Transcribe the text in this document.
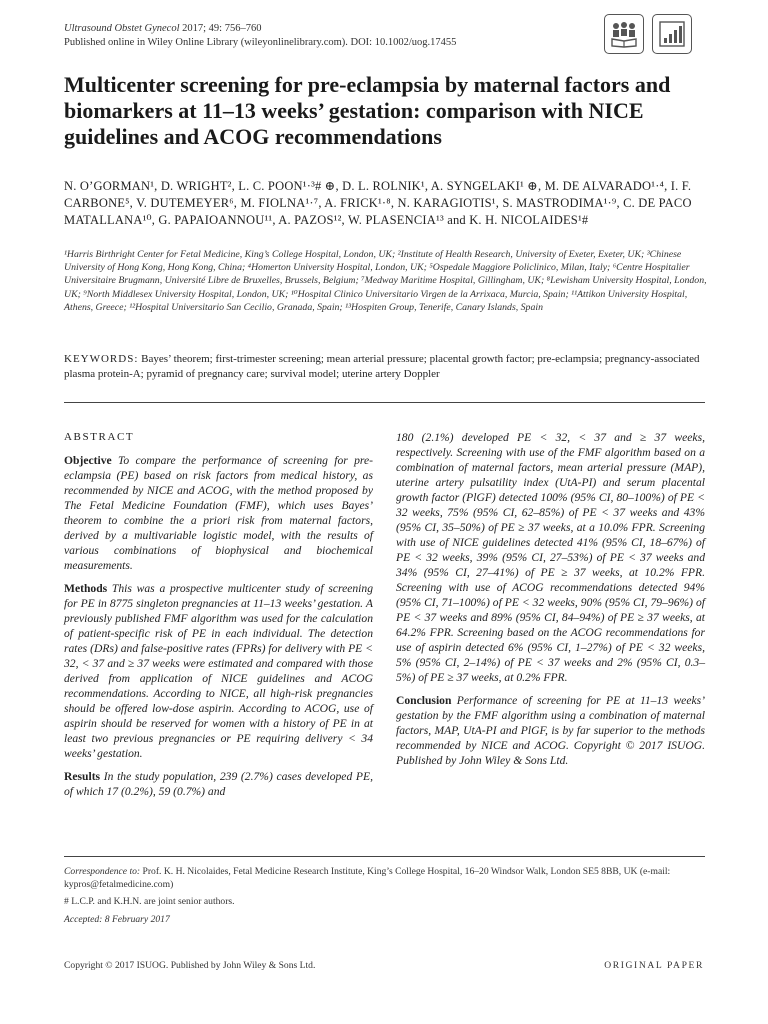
Ultrasound Obstet Gynecol 2017; 49: 756–760
Published online in Wiley Online Library (wileyonlinelibrary.com). DOI: 10.1002/uog.17455
Multicenter screening for pre-eclampsia by maternal factors and biomarkers at 11–13 weeks’ gestation: comparison with NICE guidelines and ACOG recommendations
N. O’GORMAN¹, D. WRIGHT², L. C. POON¹·³# ⊕, D. L. ROLNIK¹, A. SYNGELAKI¹ ⊕, M. DE ALVARADO¹·⁴, I. F. CARBONE⁵, V. DUTEMEYER⁶, M. FIOLNA¹·⁷, A. FRICK¹·⁸, N. KARAGIOTIS¹, S. MASTRODIMA¹·⁹, C. DE PACO MATALLANA¹⁰, G. PAPAIOANNOU¹¹, A. PAZOS¹², W. PLASENCIA¹³ and K. H. NICOLAIDES¹#
¹Harris Birthright Center for Fetal Medicine, King’s College Hospital, London, UK; ²Institute of Health Research, University of Exeter, Exeter, UK; ³Chinese University of Hong Kong, Hong Kong, China; ⁴Homerton University Hospital, London, UK; ⁵Ospedale Maggiore Policlinico, Milan, Italy; ⁶Centre Hospitalier Universitaire Brugmann, Université Libre de Bruxelles, Brussels, Belgium; ⁷Medway Maritime Hospital, Gillingham, UK; ⁸Lewisham University Hospital, London, UK; ⁹North Middlesex University Hospital, London, UK; ¹⁰Hospital Clinico Universitario Virgen de la Arrixaca, Murcia, Spain; ¹¹Attikon University Hospital, Athens, Greece; ¹²Hospital Universitario San Cecilio, Granada, Spain; ¹³Hospiten Group, Tenerife, Canary Islands, Spain
KEYWORDS: Bayes’ theorem; first-trimester screening; mean arterial pressure; placental growth factor; pre-eclampsia; pregnancy-associated plasma protein-A; pyramid of pregnancy care; survival model; uterine artery Doppler
ABSTRACT

Objective To compare the performance of screening for pre-eclampsia (PE) based on risk factors from medical history, as recommended by NICE and ACOG, with the method proposed by The Fetal Medicine Foundation (FMF), which uses Bayes’ theorem to combine the a priori risk from maternal factors, derived by a multivariable logistic model, with the results of various combinations of biophysical and biochemical measurements.

Methods This was a prospective multicenter study of screening for PE in 8775 singleton pregnancies at 11–13 weeks’ gestation. A previously published FMF algorithm was used for the calculation of patient-specific risk of PE in each individual. The detection rates (DRs) and false-positive rates (FPRs) for delivery with PE < 32, < 37 and ≥ 37 weeks were estimated and compared with those derived from application of NICE guidelines and ACOG recommendations. According to NICE, all high-risk pregnancies should be offered low-dose aspirin. According to ACOG, use of aspirin should be reserved for women with a history of PE in at least two previous pregnancies or PE requiring delivery < 34 weeks’ gestation.

Results In the study population, 239 (2.7%) cases developed PE, of which 17 (0.2%), 59 (0.7%) and

180 (2.1%) developed PE < 32, < 37 and ≥ 37 weeks, respectively. Screening with use of the FMF algorithm based on a combination of maternal factors, mean arterial pressure (MAP), uterine artery pulsatility index (UtA-PI) and serum placental growth factor (PlGF) detected 100% (95% CI, 80–100%) of PE < 32 weeks, 75% (95% CI, 62–85%) of PE < 37 weeks and 43% (95% CI, 35–50%) of PE ≥ 37 weeks, at a 10.0% FPR. Screening with use of NICE guidelines detected 41% (95% CI, 18–67%) of PE < 32 weeks, 39% (95% CI, 27–53%) of PE < 37 weeks and 34% (95% CI, 27–41%) of PE ≥ 37 weeks, at 10.2% FPR. Screening with use of ACOG recommendations detected 94% (95% CI, 71–100%) of PE < 32 weeks, 90% (95% CI, 79–96%) of PE < 37 weeks and 89% (95% CI, 84–94%) of PE ≥ 37 weeks, at 64.2% FPR. Screening based on the ACOG recommendations for use of aspirin detected 6% (95% CI, 1–27%) of PE < 32 weeks, 5% (95% CI, 2–14%) of PE < 37 weeks and 2% (95% CI, 0.3–5%) of PE ≥ 37 weeks, at 0.2% FPR.

Conclusion Performance of screening for PE at 11–13 weeks’ gestation by the FMF algorithm using a combination of maternal factors, MAP, UtA-PI and PlGF, is by far superior to the methods recommended by NICE and ACOG. Copyright © 2017 ISUOG. Published by John Wiley & Sons Ltd.

Correspondence to: Prof. K. H. Nicolaides, Fetal Medicine Research Institute, King’s College Hospital, 16–20 Windsor Walk, London SE5 8BB, UK (e-mail: kypros@fetalmedicine.com)

# L.C.P. and K.H.N. are joint senior authors.

Accepted: 8 February 2017

Copyright © 2017 ISUOG. Published by John Wiley & Sons Ltd.	ORIGINAL PAPER
